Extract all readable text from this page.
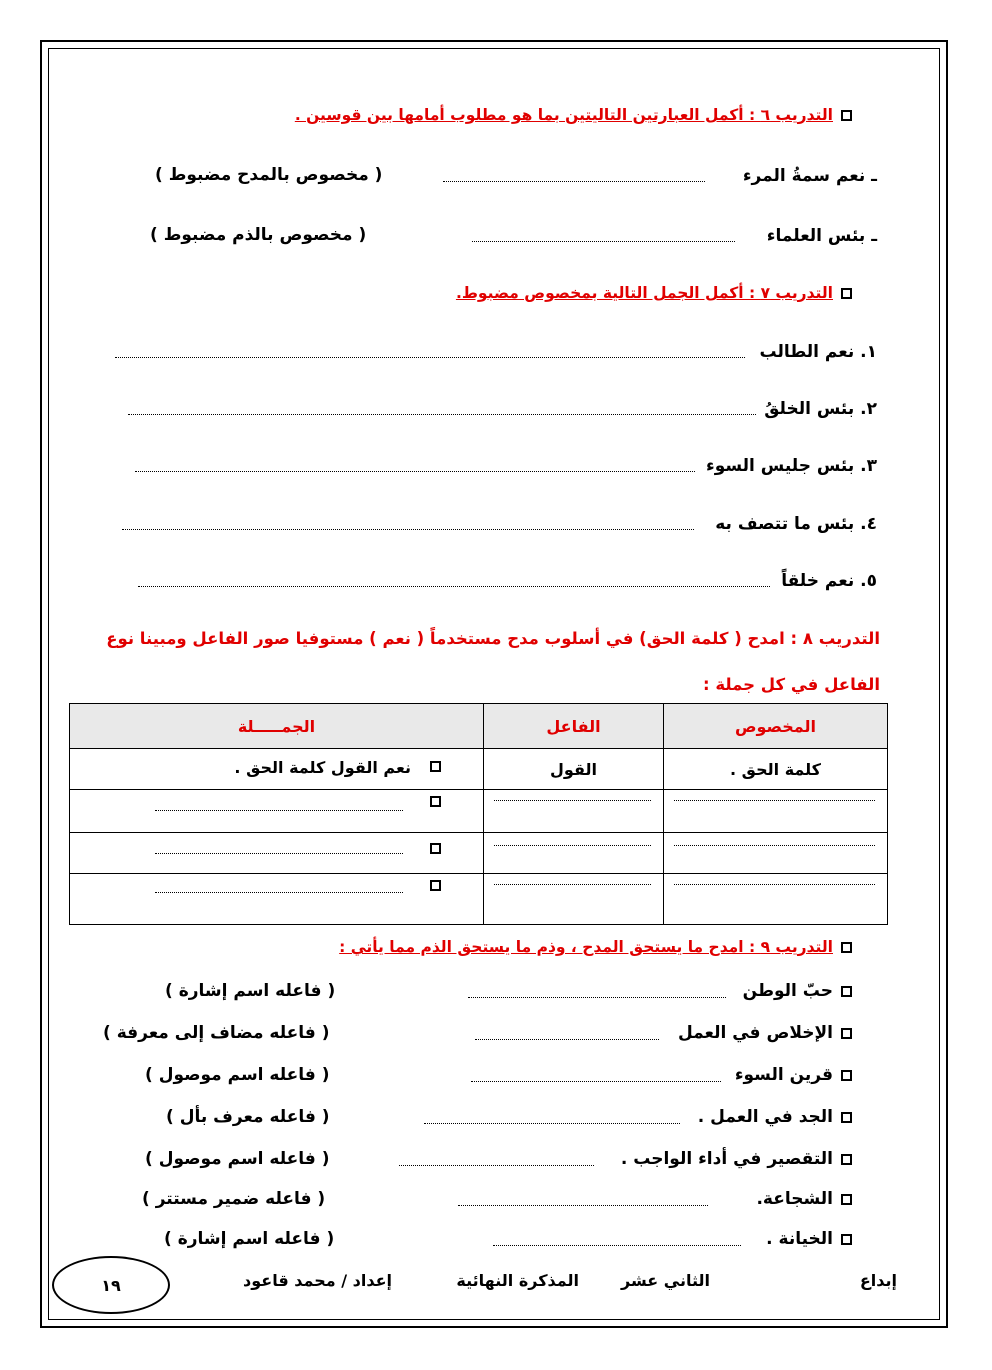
التدريب ٦ : أكمل العبارتين التاليتين بما هو مطلوب أمامها بين قوسين .
ـ نعم سمةُ المرء
( مخصوص بالمدح مضبوط )
ـ بئس العلماء
( مخصوص بالذم مضبوط )
التدريب ٧ : أكمل الجمل التالية بمخصوص مضبوط.
١. نعم الطالب
٢. بئس الخلقُ
٣. بئس جليس السوء
٤. بئس ما تتصف به
٥. نعم خلقاً
التدريب ٨ : امدح ( كلمة الحق) في أسلوب مدح مستخدماً ( نعم ) مستوفيا صور الفاعل ومبينا نوع
الفاعل في كل جملة :
المخصوص	الفاعل	الجمـــــلة
كلمة الحق .	القول	نعم القول كلمة الحق .

التدريب ٩ : امدح ما يستحق المدح ، وذم ما يستحق الذم مما يأتي :
حبّ الوطن
( فاعله اسم إشارة )
الإخلاص في العمل
( فاعله مضاف إلى معرفة )
قرين السوء
( فاعله اسم موصول )
الجد في العمل .
( فاعله معرف بأل )
التقصير في أداء الواجب .
( فاعله اسم موصول )
الشجاعة.
( فاعله ضمير مستتر )
الخيانة .
( فاعله اسم إشارة )
إبداع
الثاني عشر
المذكرة النهائية
إعداد / محمد قاعود
١٩
